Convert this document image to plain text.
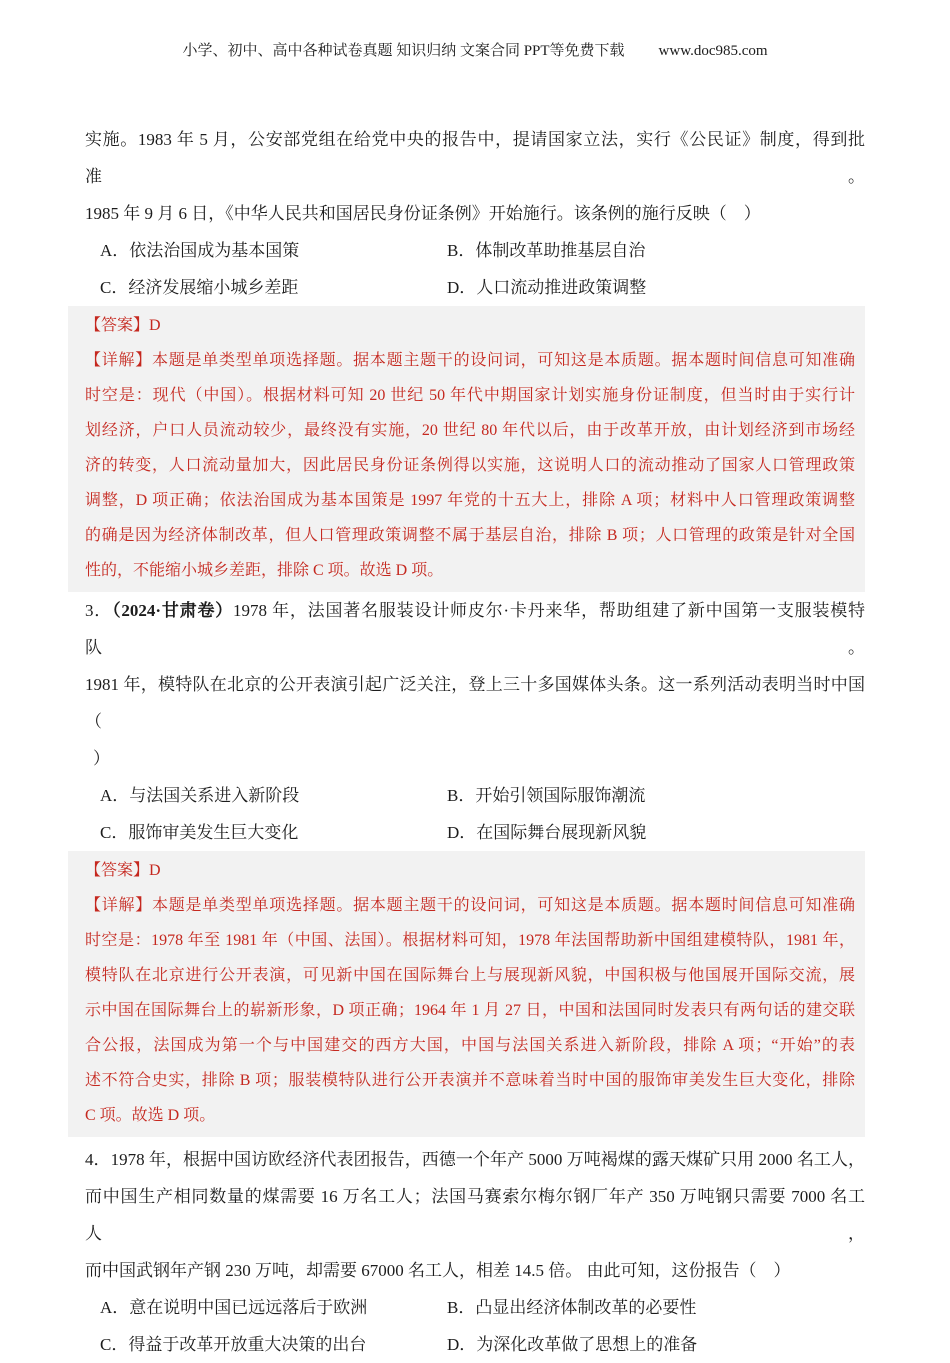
小学、初中、高中各种试卷真题 知识归纳 文案合同 PPT等免费下载 www.doc985.com
实施。1983 年 5 月，公安部党组在给党中央的报告中，提请国家立法，实行《公民证》制度，得到批准。
1985 年 9 月 6 日，《中华人民共和国居民身份证条例》开始施行。该条例的施行反映（　）
A．依法治国成为基本国策	B．体制改革助推基层自治
C．经济发展缩小城乡差距	D．人口流动推进政策调整
【答案】D
【详解】本题是单类型单项选择题。据本题主题干的设问词，可知这是本质题。据本题时间信息可知准确
时空是：现代（中国）。根据材料可知 20 世纪 50 年代中期国家计划实施身份证制度，但当时由于实行计
划经济，户口人员流动较少，最终没有实施，20 世纪 80 年代以后，由于改革开放，由计划经济到市场经
济的转变，人口流动量加大，因此居民身份证条例得以实施，这说明人口的流动推动了国家人口管理政策
调整，D 项正确；依法治国成为基本国策是 1997 年党的十五大上，排除 A 项；材料中人口管理政策调整
的确是因为经济体制改革，但人口管理政策调整不属于基层自治，排除 B 项；人口管理的政策是针对全国
性的，不能缩小城乡差距，排除 C 项。故选 D 项。
3．（2024·甘肃卷）1978 年，法国著名服装设计师皮尔·卡丹来华，帮助组建了新中国第一支服装模特队。
1981 年，模特队在北京的公开表演引起广泛关注，登上三十多国媒体头条。这一系列活动表明当时中国（
）
A．与法国关系进入新阶段	B．开始引领国际服饰潮流
C．服饰审美发生巨大变化	D．在国际舞台展现新风貌
【答案】D
【详解】本题是单类型单项选择题。据本题主题干的设问词，可知这是本质题。据本题时间信息可知准确
时空是：1978 年至 1981 年（中国、法国）。根据材料可知，1978 年法国帮助新中国组建模特队，1981 年，
模特队在北京进行公开表演，可见新中国在国际舞台上与展现新风貌，中国积极与他国展开国际交流，展
示中国在国际舞台上的崭新形象，D 项正确；1964 年 1 月 27 日，中国和法国同时发表只有两句话的建交联
合公报，法国成为第一个与中国建交的西方大国，中国与法国关系进入新阶段，排除 A 项；“开始”的表
述不符合史实，排除 B 项；服装模特队进行公开表演并不意味着当时中国的服饰审美发生巨大变化，排除
C 项。故选 D 项。
4．1978 年，根据中国访欧经济代表团报告，西德一个年产 5000 万吨褐煤的露天煤矿只用 2000 名工人，
而中国生产相同数量的煤需要 16 万名工人；法国马赛索尔梅尔钢厂年产 350 万吨钢只需要 7000 名工人，
而中国武钢年产钢 230 万吨，却需要 67000 名工人，相差 14.5 倍。 由此可知，这份报告（　）
A．意在说明中国已远远落后于欧洲	B．凸显出经济体制改革的必要性
C．得益于改革开放重大决策的出台	D．为深化改革做了思想上的准备
